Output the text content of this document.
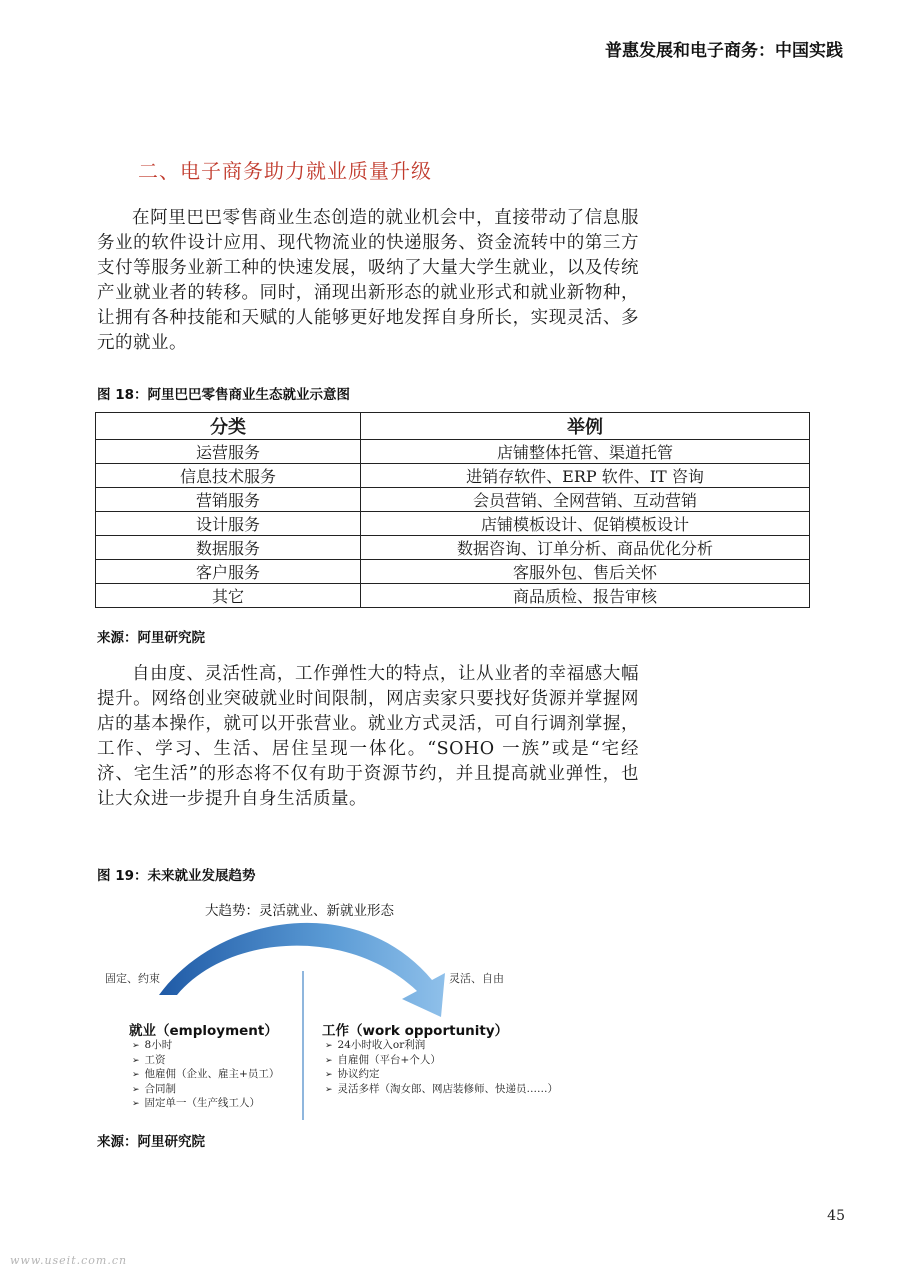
普惠发展和电子商务：中国实践
二、电子商务助力就业质量升级

在阿里巴巴零售商业生态创造的就业机会中，直接带动了信息服务业的软件设计应用、现代物流业的快递服务、资金流转中的第三方支付等服务业新工种的快速发展，吸纳了大量大学生就业，以及传统产业就业者的转移。同时，涌现出新形态的就业形式和就业新物种，让拥有各种技能和天赋的人能够更好地发挥自身所长，实现灵活、多元的就业。

图 18：阿里巴巴零售商业生态就业示意图
分类	举例
运营服务	店铺整体托管、渠道托管
信息技术服务	进销存软件、ERP 软件、IT 咨询
营销服务	会员营销、全网营销、互动营销
设计服务	店铺模板设计、促销模板设计
数据服务	数据咨询、订单分析、商品优化分析
客户服务	客服外包、售后关怀
其它	商品质检、报告审核
来源：阿里研究院

自由度、灵活性高，工作弹性大的特点，让从业者的幸福感大幅提升。网络创业突破就业时间限制，网店卖家只要找好货源并掌握网店的基本操作，就可以开张营业。就业方式灵活，可自行调剂掌握，工作、学习、生活、居住呈现一体化。“SOHO 一族”或是“宅经济、宅生活”的形态将不仅有助于资源节约，并且提高就业弹性，也让大众进一步提升自身生活质量。

图 19：未来就业发展趋势
大趋势：灵活就业、新就业形态
固定、约束	灵活、自由
就业（employment）	工作（work opportunity）
➢ 8小时
➢ 工资
➢ 他雇佣（企业、雇主+员工）
➢ 合同制
➢ 固定单一（生产线工人）
➢ 24小时收入or利润
➢ 自雇佣（平台+个人）
➢ 协议约定
➢ 灵活多样（淘女郎、网店装修师、快递员……）
来源：阿里研究院
45
www.useit.com.cn
